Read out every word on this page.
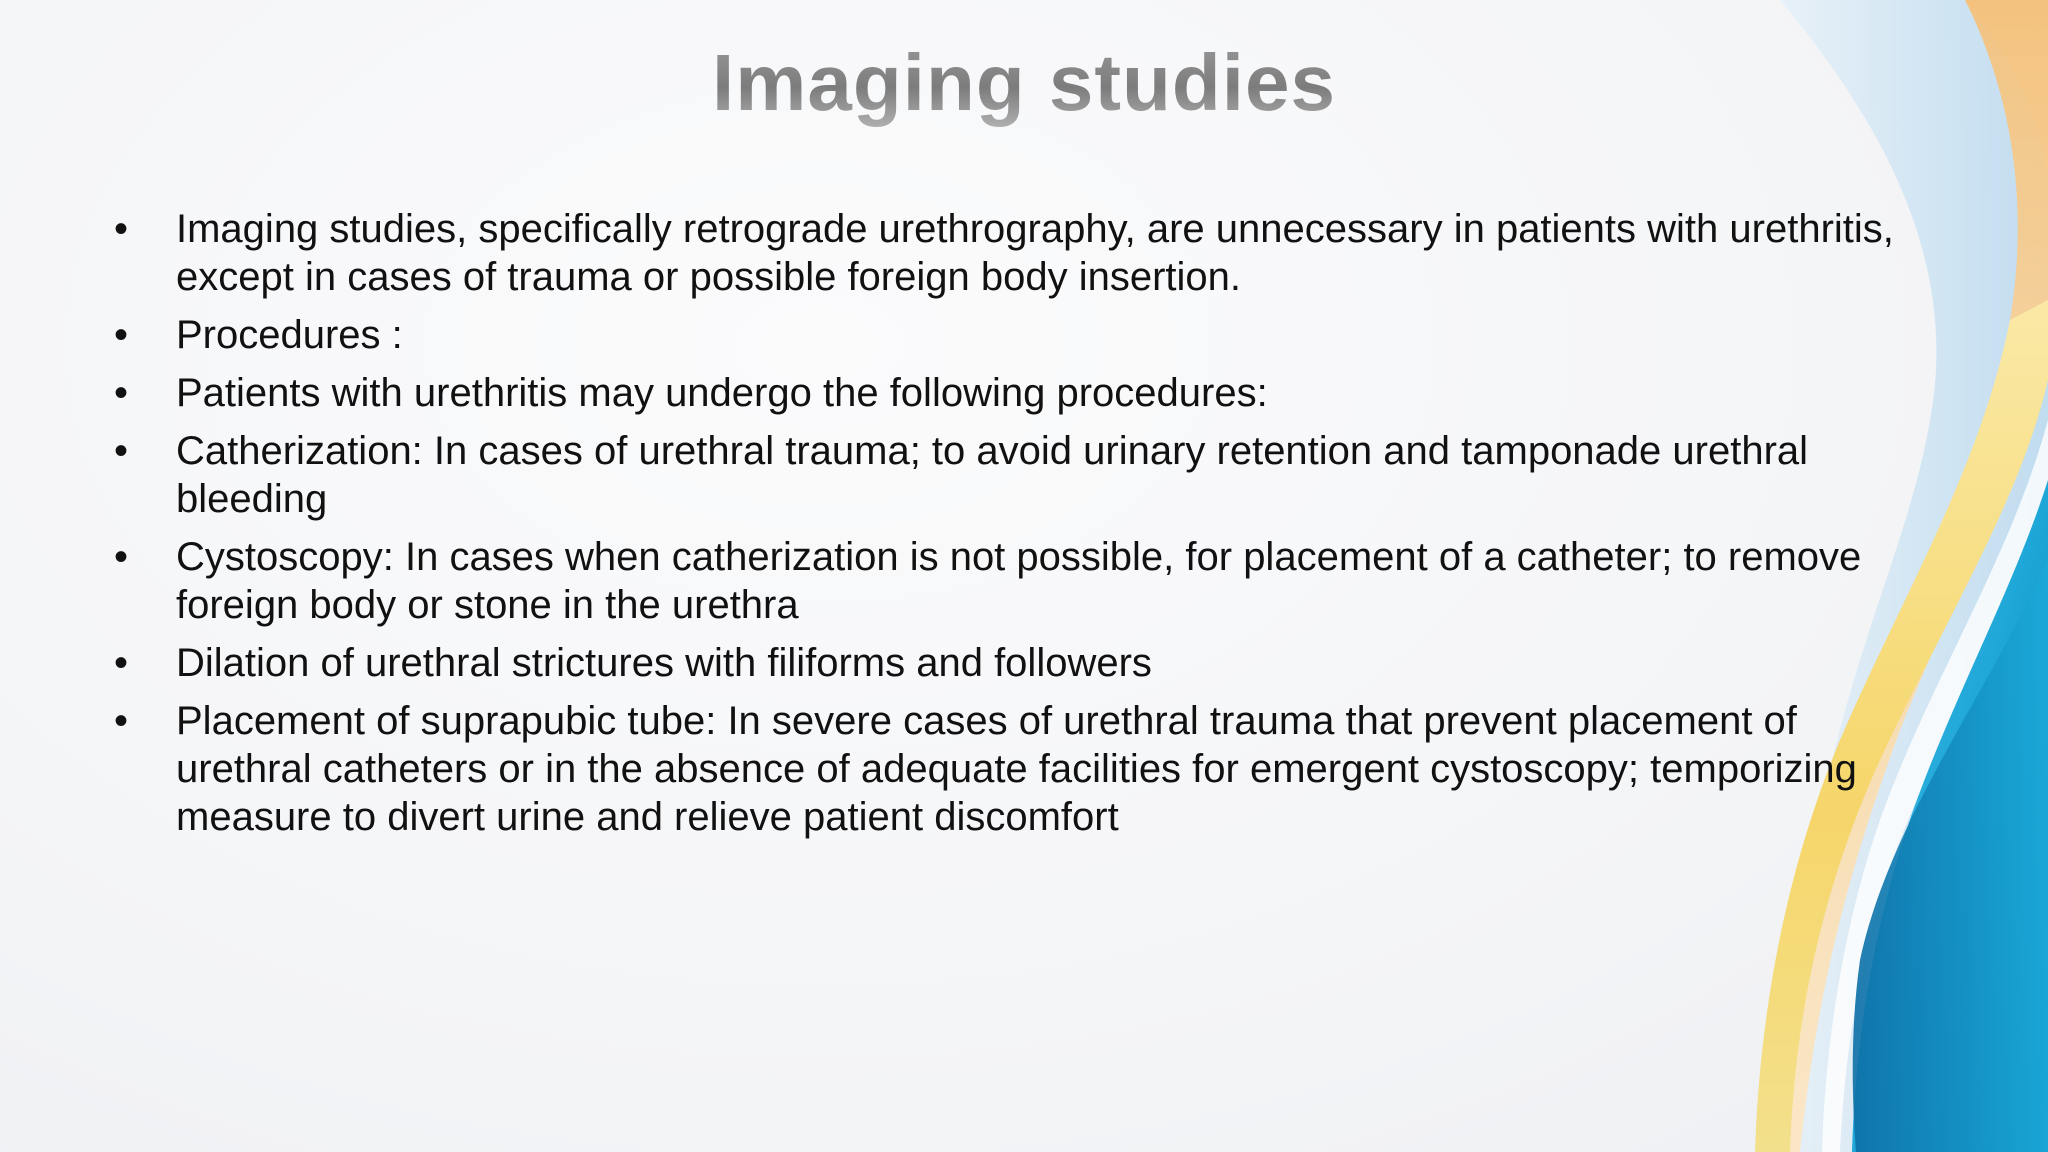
Imaging studies
•	Imaging studies, specifically retrograde urethrography, are unnecessary in patients with urethritis, except in cases of trauma or possible foreign body insertion.
•	Procedures :
•	Patients with urethritis may undergo the following procedures:
•	Catherization: In cases of urethral trauma; to avoid urinary retention and tamponade urethral bleeding
•	Cystoscopy: In cases when catherization is not possible, for placement of a catheter; to remove foreign body or stone in the urethra
•	Dilation of urethral strictures with filiforms and followers
•	Placement of suprapubic tube: In severe cases of urethral trauma that prevent placement of urethral catheters or in the absence of adequate facilities for emergent cystoscopy; temporizing measure to divert urine and relieve patient discomfort
